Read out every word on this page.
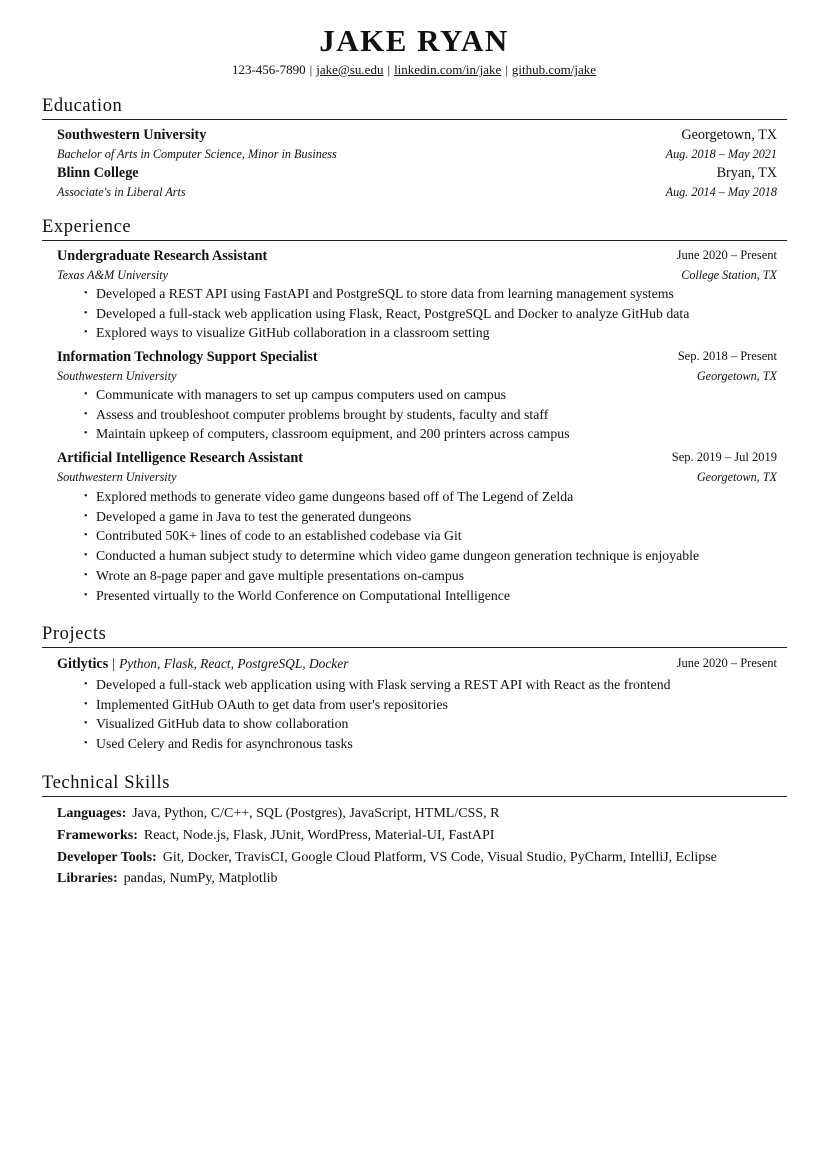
JAKE RYAN
123-456-7890 | jake@su.edu | linkedin.com/in/jake | github.com/jake
Education
Southwestern University	Georgetown, TX
Bachelor of Arts in Computer Science, Minor in Business	Aug. 2018 – May 2021
Blinn College	Bryan, TX
Associate's in Liberal Arts	Aug. 2014 – May 2018
Experience
Undergraduate Research Assistant	June 2020 – Present
Texas A&M University	College Station, TX
• Developed a REST API using FastAPI and PostgreSQL to store data from learning management systems
• Developed a full-stack web application using Flask, React, PostgreSQL and Docker to analyze GitHub data
• Explored ways to visualize GitHub collaboration in a classroom setting
Information Technology Support Specialist	Sep. 2018 – Present
Southwestern University	Georgetown, TX
• Communicate with managers to set up campus computers used on campus
• Assess and troubleshoot computer problems brought by students, faculty and staff
• Maintain upkeep of computers, classroom equipment, and 200 printers across campus
Artificial Intelligence Research Assistant	Sep. 2019 – Jul 2019
Southwestern University	Georgetown, TX
• Explored methods to generate video game dungeons based off of The Legend of Zelda
• Developed a game in Java to test the generated dungeons
• Contributed 50K+ lines of code to an established codebase via Git
• Conducted a human subject study to determine which video game dungeon generation technique is enjoyable
• Wrote an 8-page paper and gave multiple presentations on-campus
• Presented virtually to the World Conference on Computational Intelligence
Projects
Gitlytics | Python, Flask, React, PostgreSQL, Docker	June 2020 – Present
• Developed a full-stack web application using with Flask serving a REST API with React as the frontend
• Implemented GitHub OAuth to get data from user's repositories
• Visualized GitHub data to show collaboration
• Used Celery and Redis for asynchronous tasks
Technical Skills
Languages: Java, Python, C/C++, SQL (Postgres), JavaScript, HTML/CSS, R
Frameworks: React, Node.js, Flask, JUnit, WordPress, Material-UI, FastAPI
Developer Tools: Git, Docker, TravisCI, Google Cloud Platform, VS Code, Visual Studio, PyCharm, IntelliJ, Eclipse
Libraries: pandas, NumPy, Matplotlib
